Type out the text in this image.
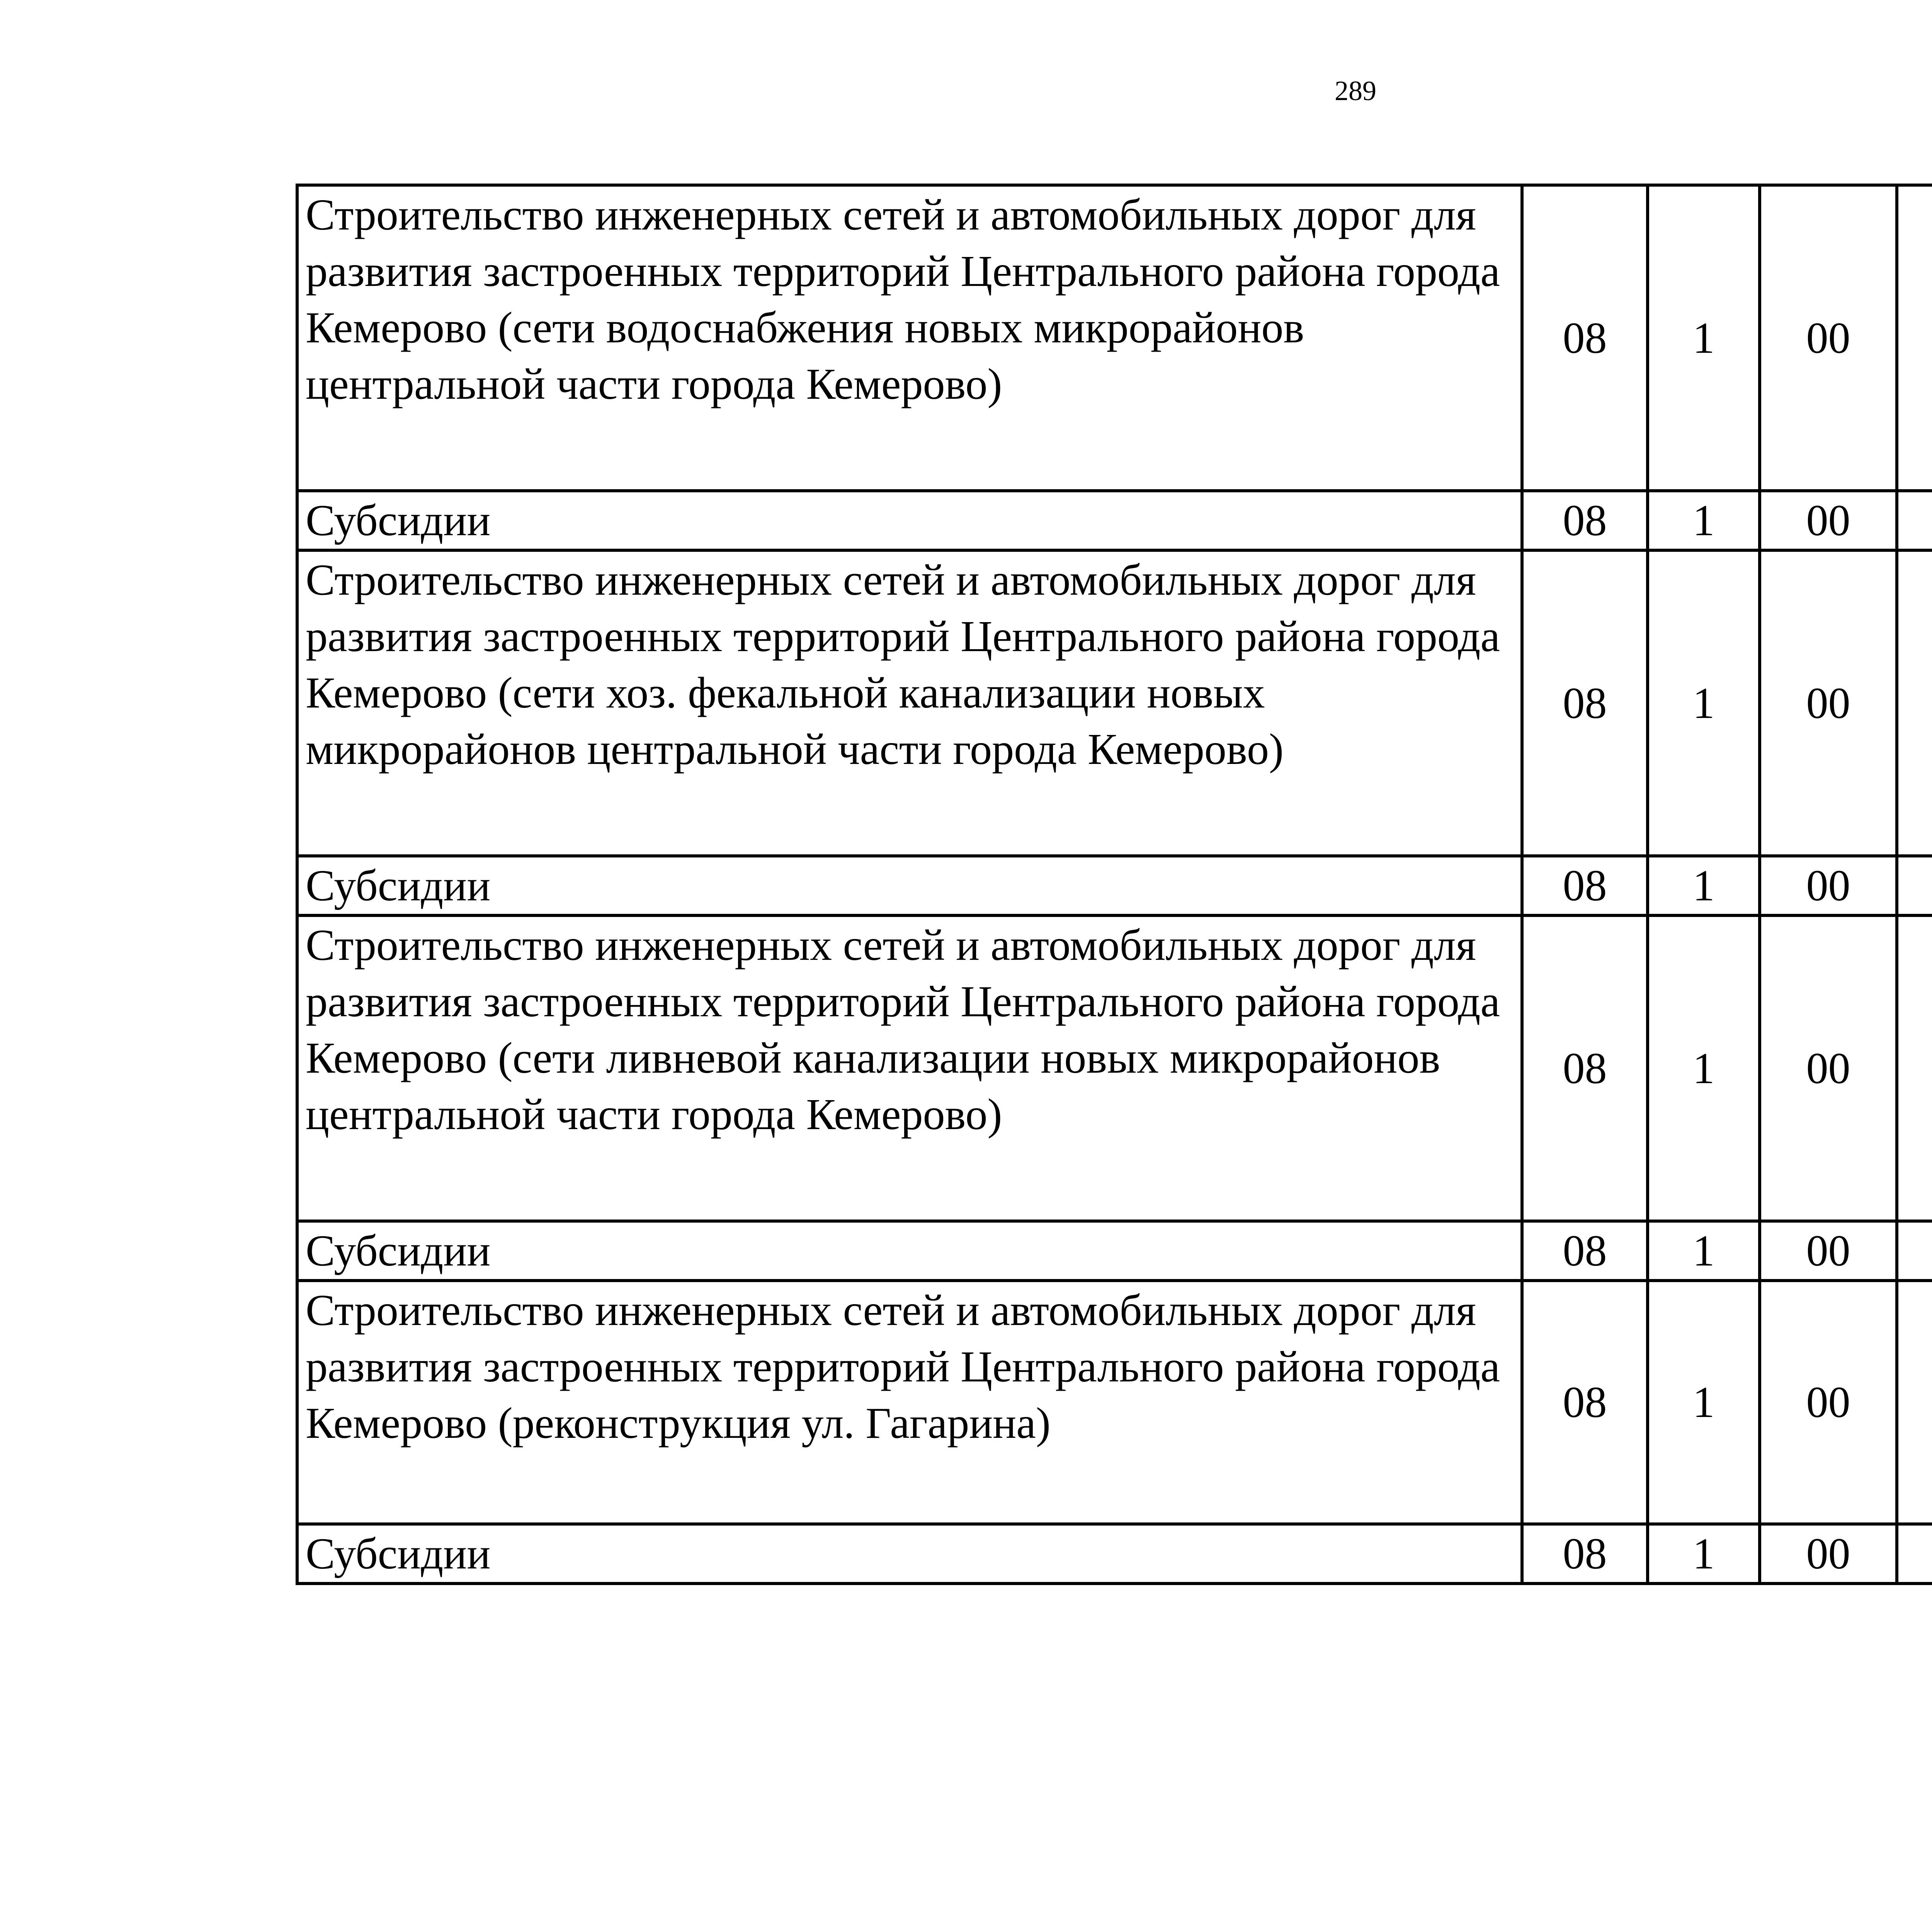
289
Строительство инженерных сетей и автомобильных дорог для развития застроенных территорий Центрального района города Кемерово (сети водоснабжения новых микрорайонов центральной части города Кемерово)	08	1	00			
Субсидии	08	1	00			
Строительство инженерных сетей и автомобильных дорог для развития застроенных территорий Центрального района города Кемерово (сети хоз. фекальной канализации новых микрорайонов центральной части города Кемерово)	08	1	00			
Субсидии	08	1	00			
Строительство инженерных сетей и автомобильных дорог для развития застроенных территорий Центрального района города Кемерово (сети ливневой канализации новых микрорайонов центральной части города Кемерово)	08	1	00			
Субсидии	08	1	00			
Строительство инженерных сетей и автомобильных дорог для развития застроенных территорий Центрального района города Кемерово (реконструкция ул. Гагарина)	08	1	00			
Субсидии	08	1	00			
